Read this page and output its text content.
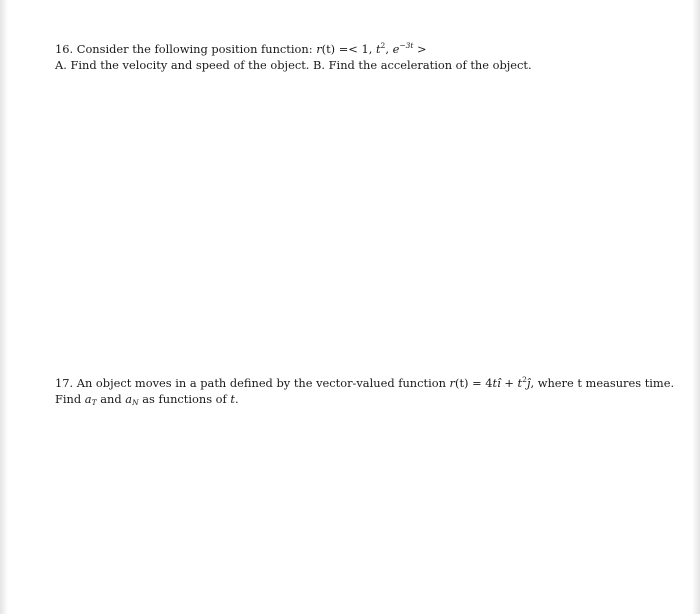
16. Consider the following position function: r(t) =< 1, $t^2$, $e^{-3t}$ >
A. Find the velocity and speed of the object. B. Find the acceleration of the object.
17. An object moves in a path defined by the vector-valued function r(t) = 4tî + $t^2ĵ$, where t measures time.
Find $a_T$ and $a_N$ as functions of t.
